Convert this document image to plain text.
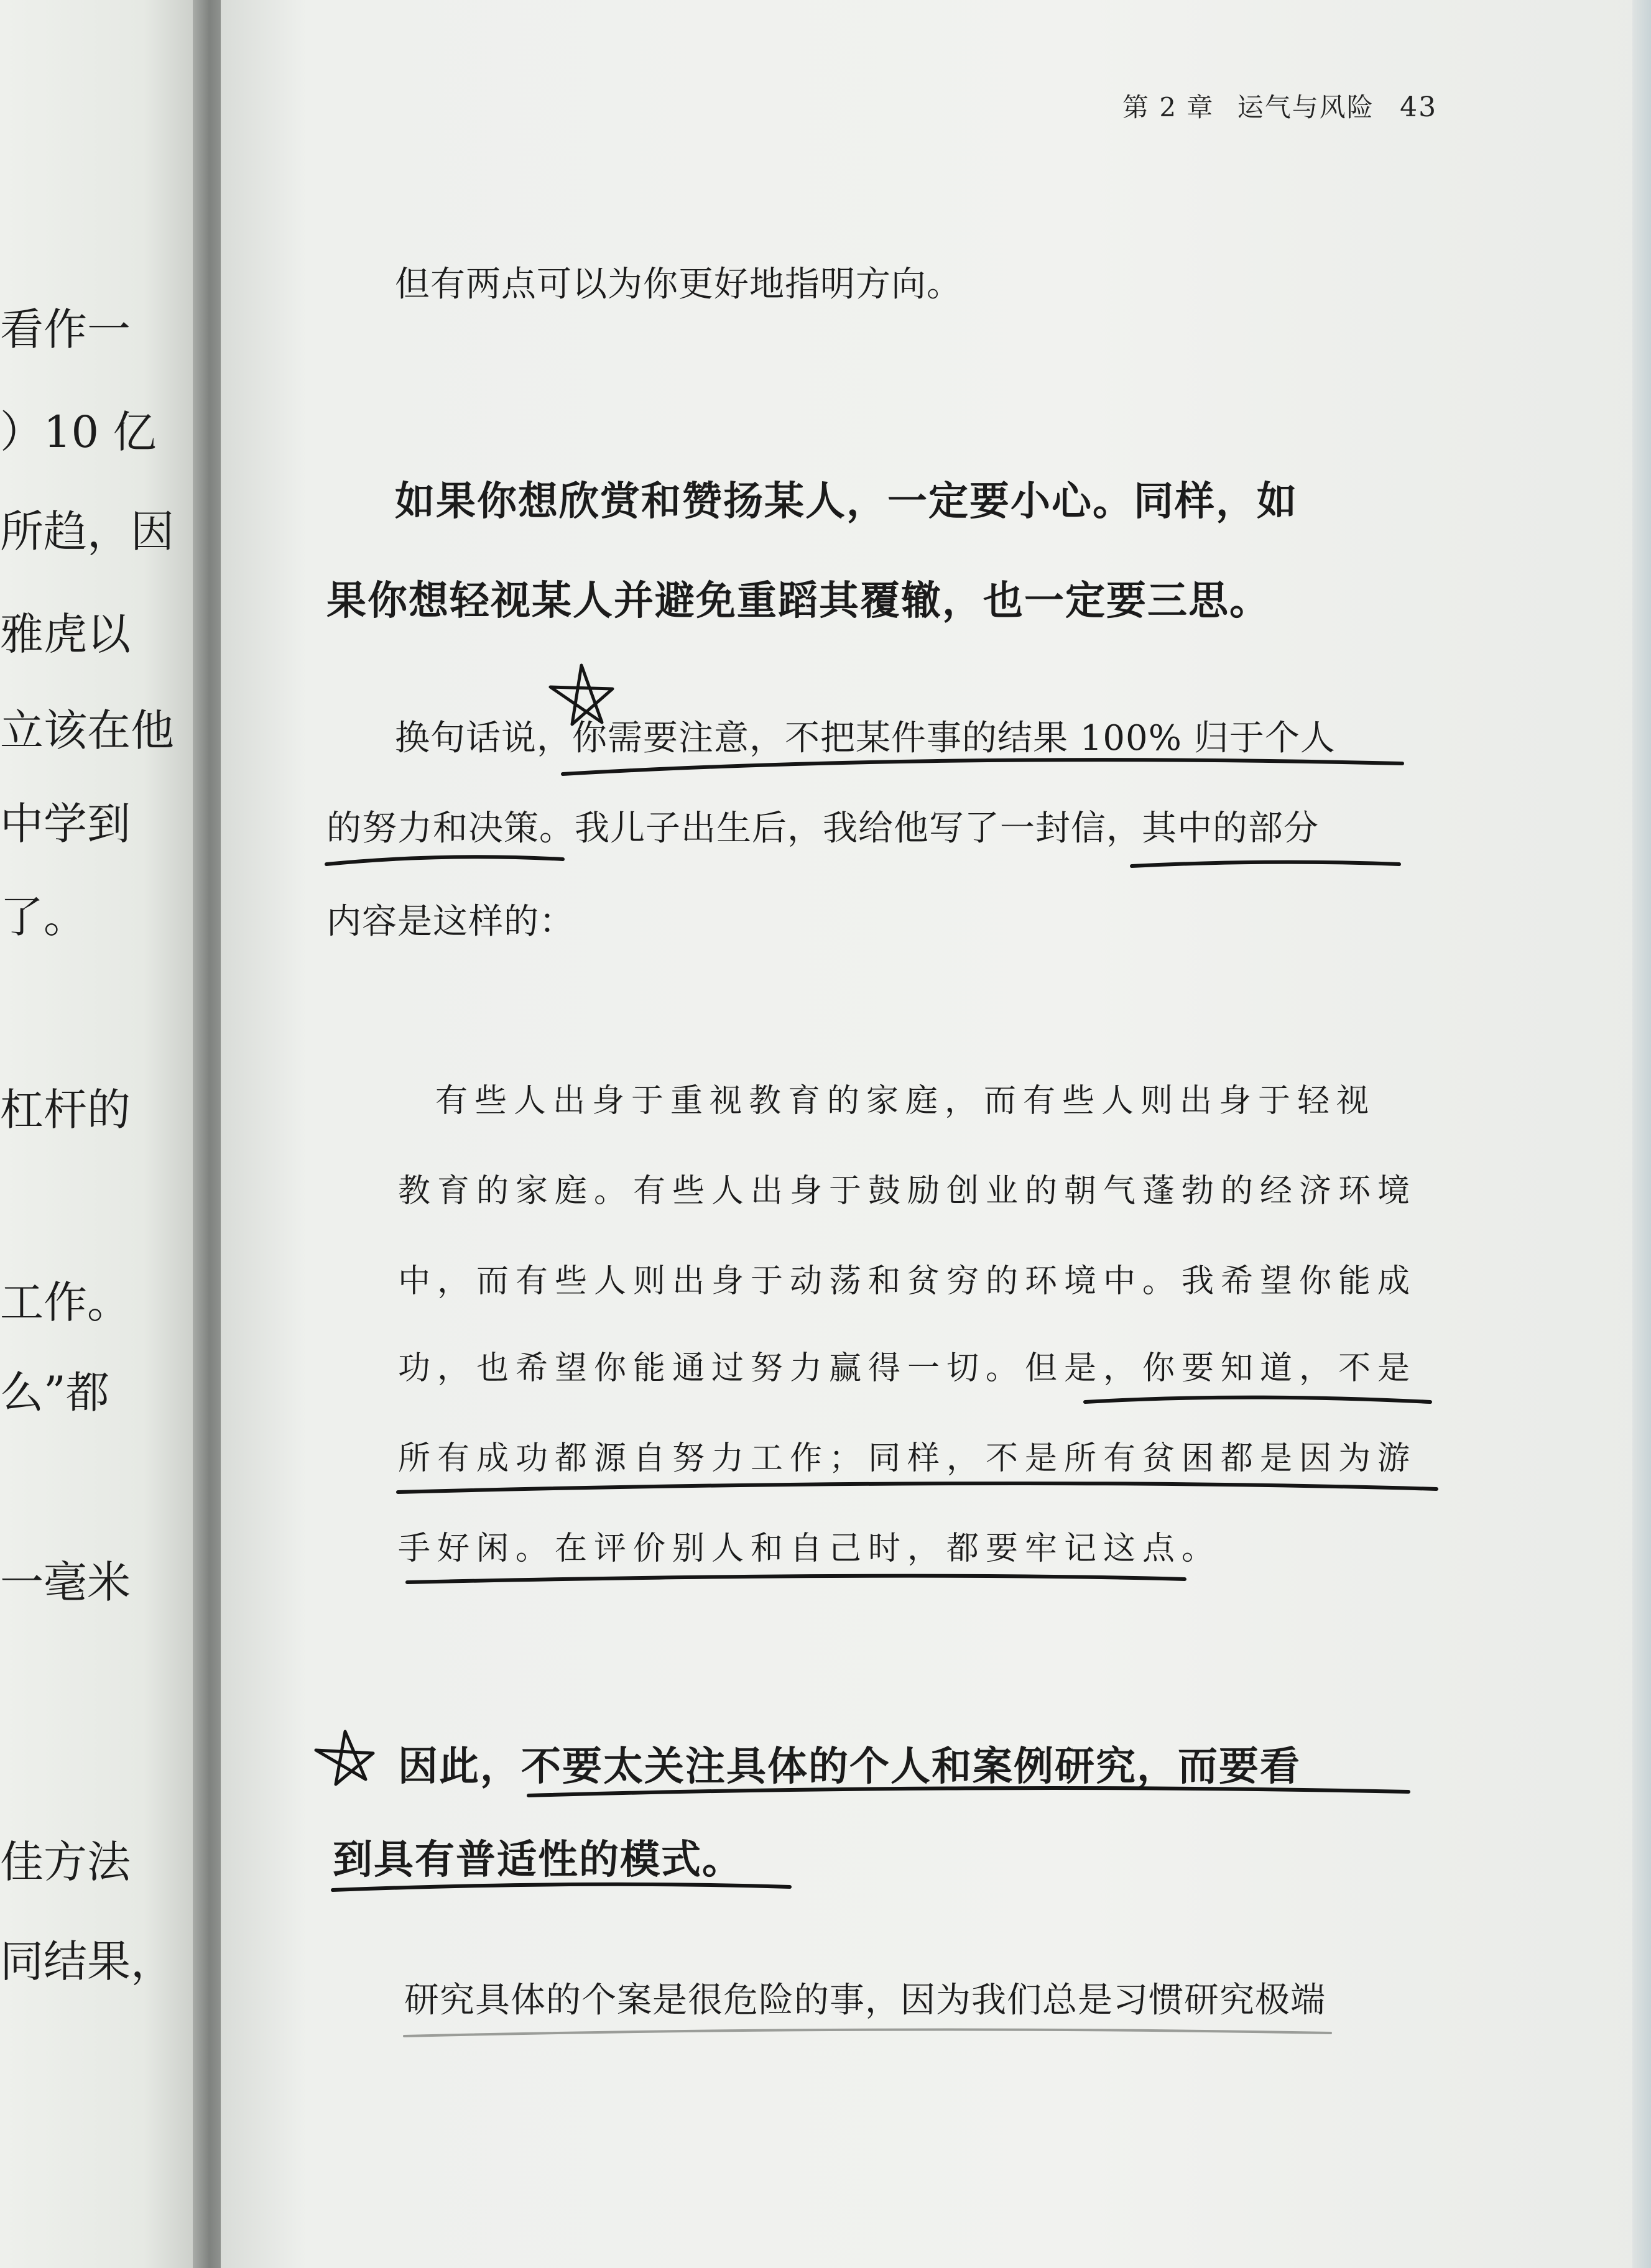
看作一
）10 亿
所趋，因
雅虎以
立该在他
中学到
了。
杠杆的
工作。
么”都
一毫米
佳方法
同结果，
第 2 章 运气与风险 43
但有两点可以为你更好地指明方向。
如果你想欣赏和赞扬某人，一定要小心。同样，如
果你想轻视某人并避免重蹈其覆辙，也一定要三思。
换句话说，你需要注意，不把某件事的结果 100% 归于个人
的努力和决策。我儿子出生后，我给他写了一封信，其中的部分
内容是这样的：
有些人出身于重视教育的家庭，而有些人则出身于轻视
教育的家庭。有些人出身于鼓励创业的朝气蓬勃的经济环境
中，而有些人则出身于动荡和贫穷的环境中。我希望你能成
功，也希望你能通过努力赢得一切。但是，你要知道，不是
所有成功都源自努力工作；同样，不是所有贫困都是因为游
手好闲。在评价别人和自己时，都要牢记这点。
因此，不要太关注具体的个人和案例研究，而要看
到具有普适性的模式。
研究具体的个案是很危险的事，因为我们总是习惯研究极端
